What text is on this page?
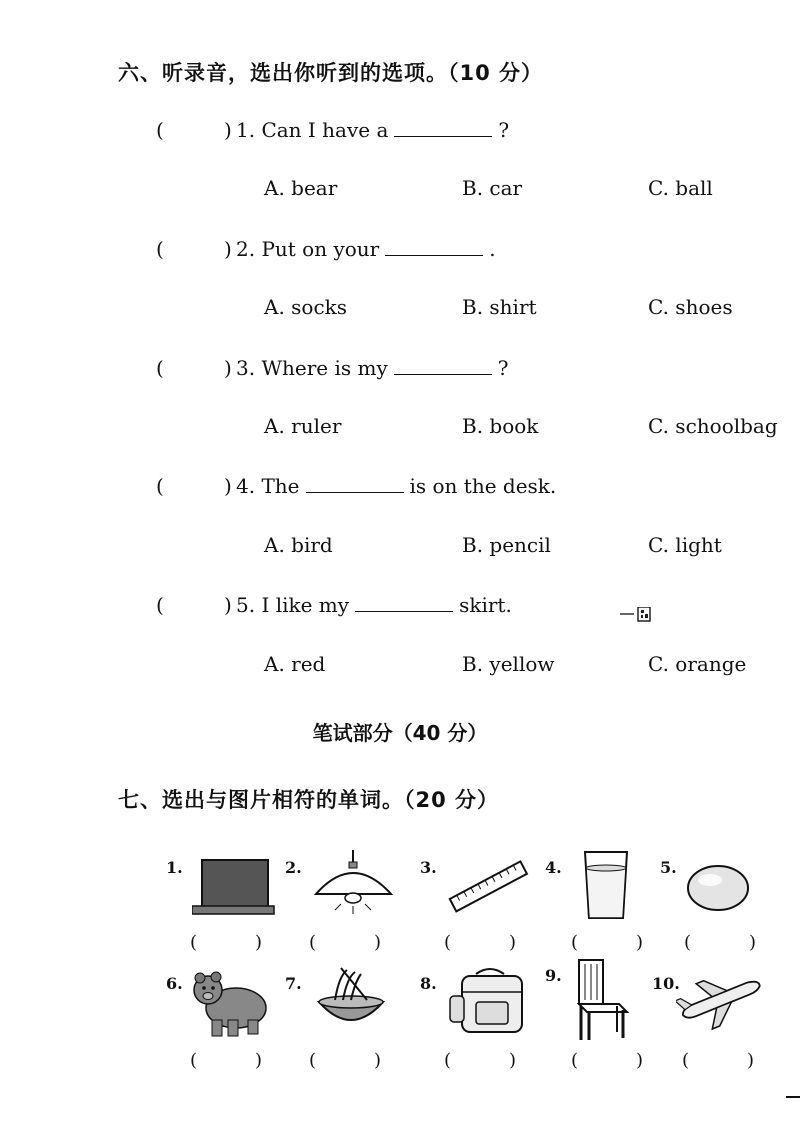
六、听录音，选出你听到的选项。（10 分）
(	) 1. Can I have a	?
A. bear	B. car	C. ball
(	) 2. Put on your	.
A. socks	B. shirt	C. shoes
(	) 3. Where is my	?
A. ruler	B. book	C. schoolbag
(	) 4. The	is on the desk.
A. bird	B. pencil	C. light
(	) 5. I like my	skirt.
A. red	B. yellow	C. orange
笔试部分（40 分）
七、选出与图片相符的单词。（20 分）
1.
(	)
2.
(	)
3.
(	)
4.
(	)
5.
(	)
6.
(	)
7.
(	)
8.
(	)
9.
(	)
10.
(	)
